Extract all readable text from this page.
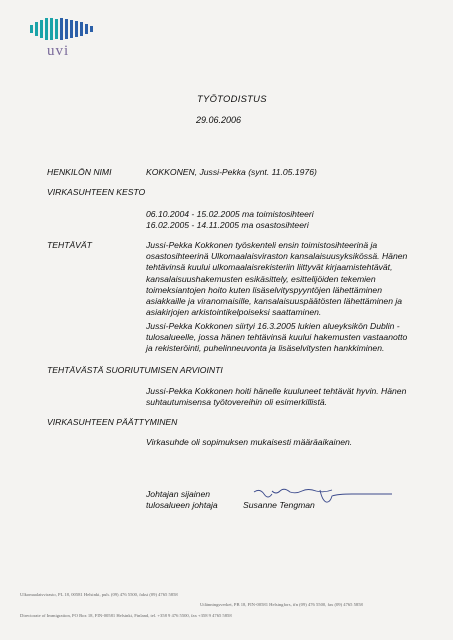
uvi
TYÖTODISTUS
29.06.2006
HENKILÖN NIMI	KOKKONEN, Jussi-Pekka (synt. 11.05.1976)
VIRKASUHTEEN KESTO
06.10.2004 - 15.02.2005 ma toimistosihteeri
16.02.2005 - 14.11.2005 ma osastosihteeri
TEHTÄVÄT	Jussi-Pekka Kokkonen työskenteli ensin toimistosihteerinä ja osastosihteerinä Ulkomaalaisviraston kansalaisuusyksikössä. Hänen tehtävinsä kuului ulkomaalaisrekisteriin liittyvät kirjaamistehtävät, kansalaisuushakemusten esikäsittely, esittelijöiden tekemien toimeksiantojen hoito kuten lisäselvityspyyntöjen lähettäminen asiakkaille ja viranomaisille, kansalaisuuspäätösten lähettäminen ja asiakirjojen arkistointikelpoiseksi saattaminen.
Jussi-Pekka Kokkonen siirtyi 16.3.2005 lukien alueyksikön Dublin -tulosalueelle, jossa hänen tehtävinsä kuului hakemusten vastaanotto ja rekisteröinti, puhelinneuvonta ja lisäselvitysten hankkiminen.
TEHTÄVÄSTÄ SUORIUTUMISEN ARVIOINTI
Jussi-Pekka Kokkonen hoiti hänelle kuuluneet tehtävät hyvin. Hänen suhtautumisensa työtovereihin oli esimerkillistä.
VIRKASUHTEEN PÄÄTTYMINEN
Virkasuhde oli sopimuksen mukaisesti määräaikainen.
Johtajan sijainen
tulosalueen johtaja	Susanne Tengman
Ulkomaalaisvirasto, PL 18, 00581 Helsinki, puh. (09) 476 5500, faksi (09) 4765 5858
Utlänningsverket, PB 18, FIN-00581 Helsingfors, tfn (09) 476 5500, fax (09) 4765 5858
Directorate of Immigration, PO Box 18, FIN-00581 Helsinki, Finland, tel. +358 9 476 5500, fax +358 9 4765 5858
